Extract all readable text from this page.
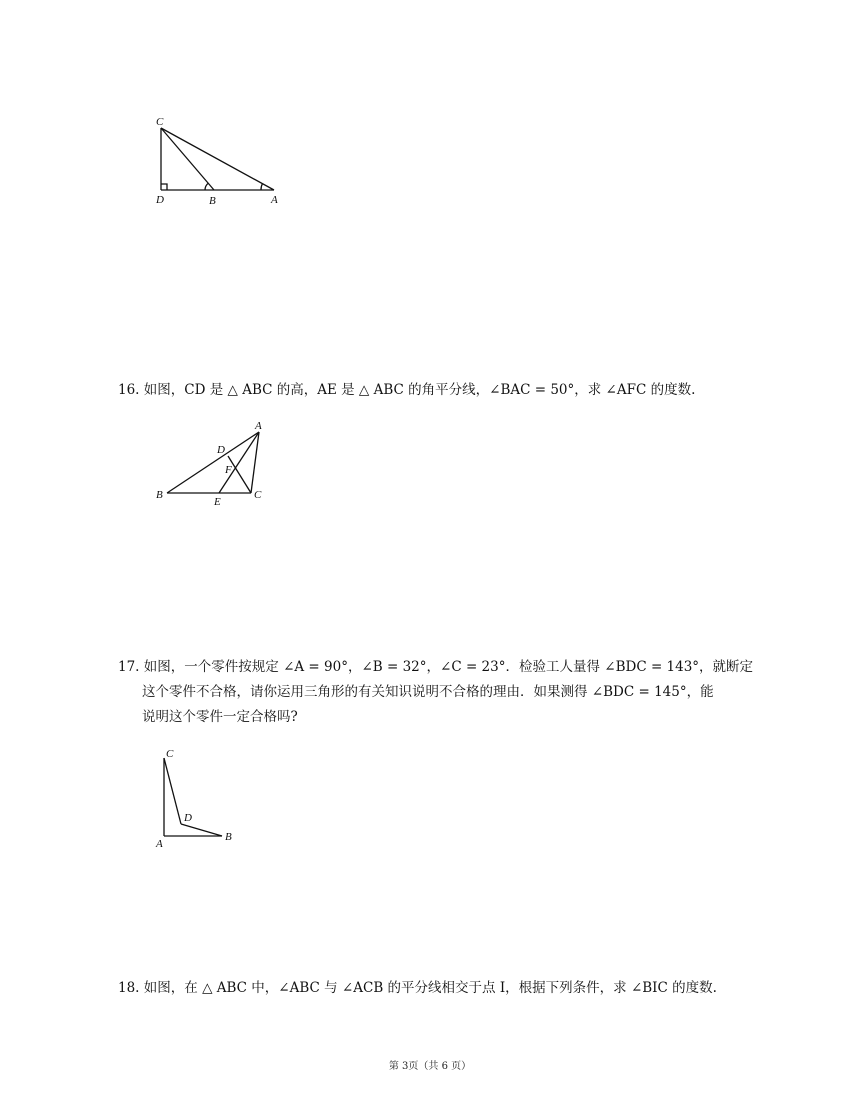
C
D	B	A

16. 如图，CD 是 △ ABC 的高，AE 是 △ ABC 的角平分线，∠BAC = 50°，求 ∠AFC 的度数.

A
D
F
B
E
C
17. 如图，一个零件按规定 ∠A = 90°，∠B = 32°，∠C = 23°．检验工人量得 ∠BDC = 143°，就断定
这个零件不合格，请你运用三角形的有关知识说明不合格的理由．如果测得 ∠BDC = 145°，能
说明这个零件一定合格吗?
C
D
A
B

18. 如图，在 △ ABC 中，∠ABC 与 ∠ACB 的平分线相交于点 I，根据下列条件，求 ∠BIC 的度数.

第 3页（共 6 页）
